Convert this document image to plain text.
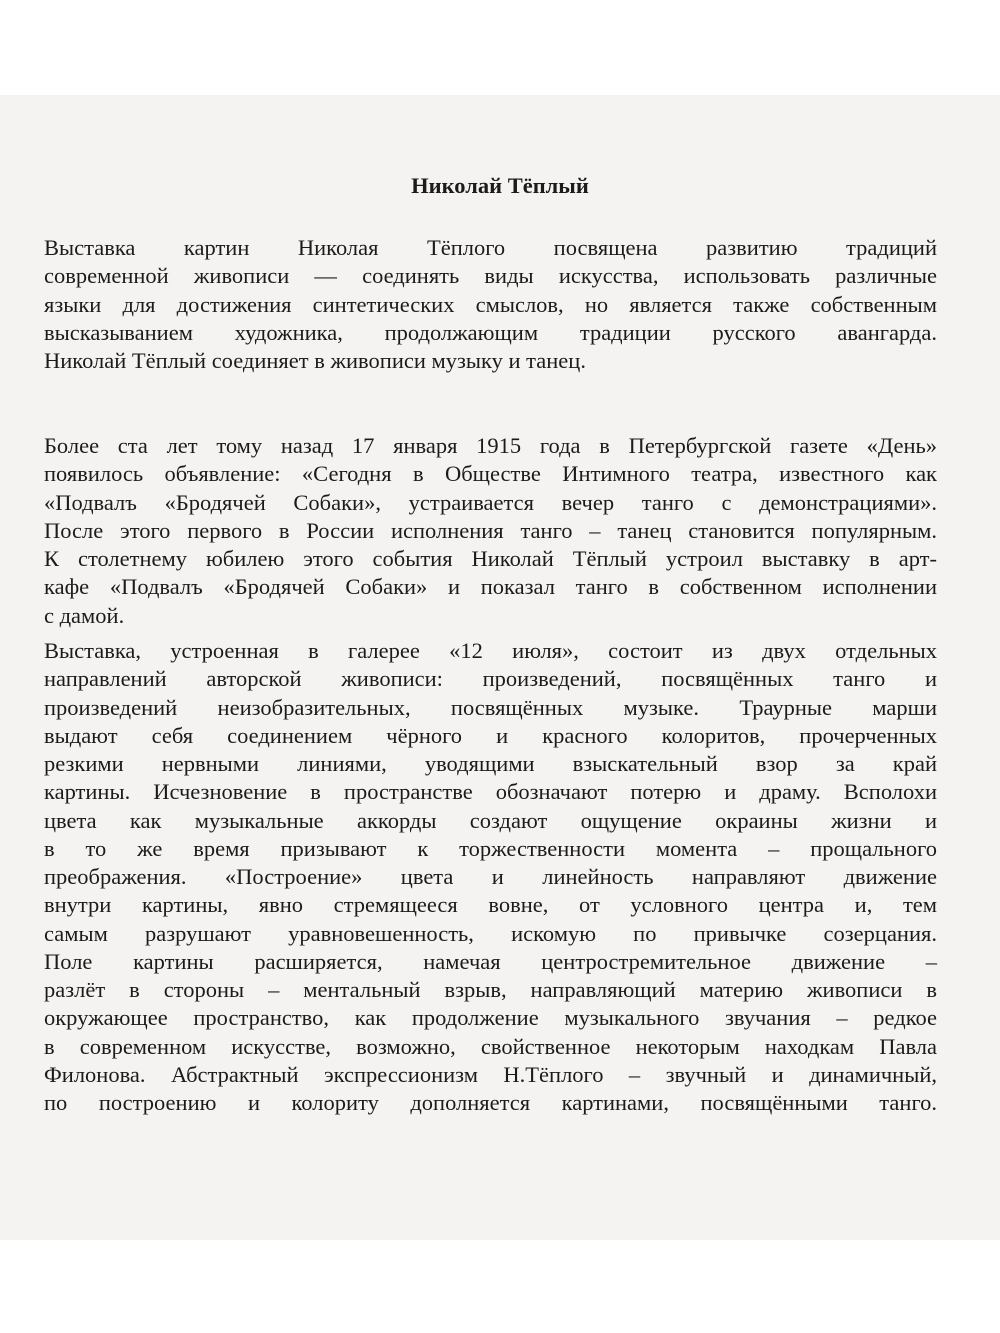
Николай Тёплый
Выставка картин Николая Тёплого посвящена развитию традиций
современной живописи — соединять виды искусства, использовать различные
языки для достижения синтетических смыслов, но является также собственным
высказыванием художника, продолжающим традиции русского авангарда.
Николай Тёплый соединяет в живописи музыку и танец.
Более ста лет тому назад 17 января 1915 года в Петербургской газете «День»
появилось объявление: «Сегодня в Обществе Интимного театра, известного как
«Подвалъ «Бродячей Собаки», устраивается вечер танго с демонстрациями».
После этого первого в России исполнения танго – танец становится популярным.
К столетнему юбилею этого события Николай Тёплый устроил выставку в арт-
кафе «Подвалъ «Бродячей Собаки» и показал танго в собственном исполнении
с дамой.
Выставка, устроенная в галерее «12 июля», состоит из двух отдельных
направлений авторской живописи: произведений, посвящённых танго и
произведений неизобразительных, посвящённых музыке. Траурные марши
выдают себя соединением чёрного и красного колоритов, прочерченных
резкими нервными линиями, уводящими взыскательный взор за край
картины. Исчезновение в пространстве обозначают потерю и драму. Всполохи
цвета как музыкальные аккорды создают ощущение окраины жизни и
в то же время призывают к торжественности момента – прощального
преображения. «Построение» цвета и линейность направляют движение
внутри картины, явно стремящееся вовне, от условного центра и, тем
самым разрушают уравновешенность, искомую по привычке созерцания.
Поле картины расширяется, намечая центростремительное движение –
разлёт в стороны – ментальный взрыв, направляющий материю живописи в
окружающее пространство, как продолжение музыкального звучания – редкое
в современном искусстве, возможно, свойственное некоторым находкам Павла
Филонова. Абстрактный экспрессионизм Н.Тёплого – звучный и динамичный,
по построению и колориту дополняется картинами, посвящёнными танго.
